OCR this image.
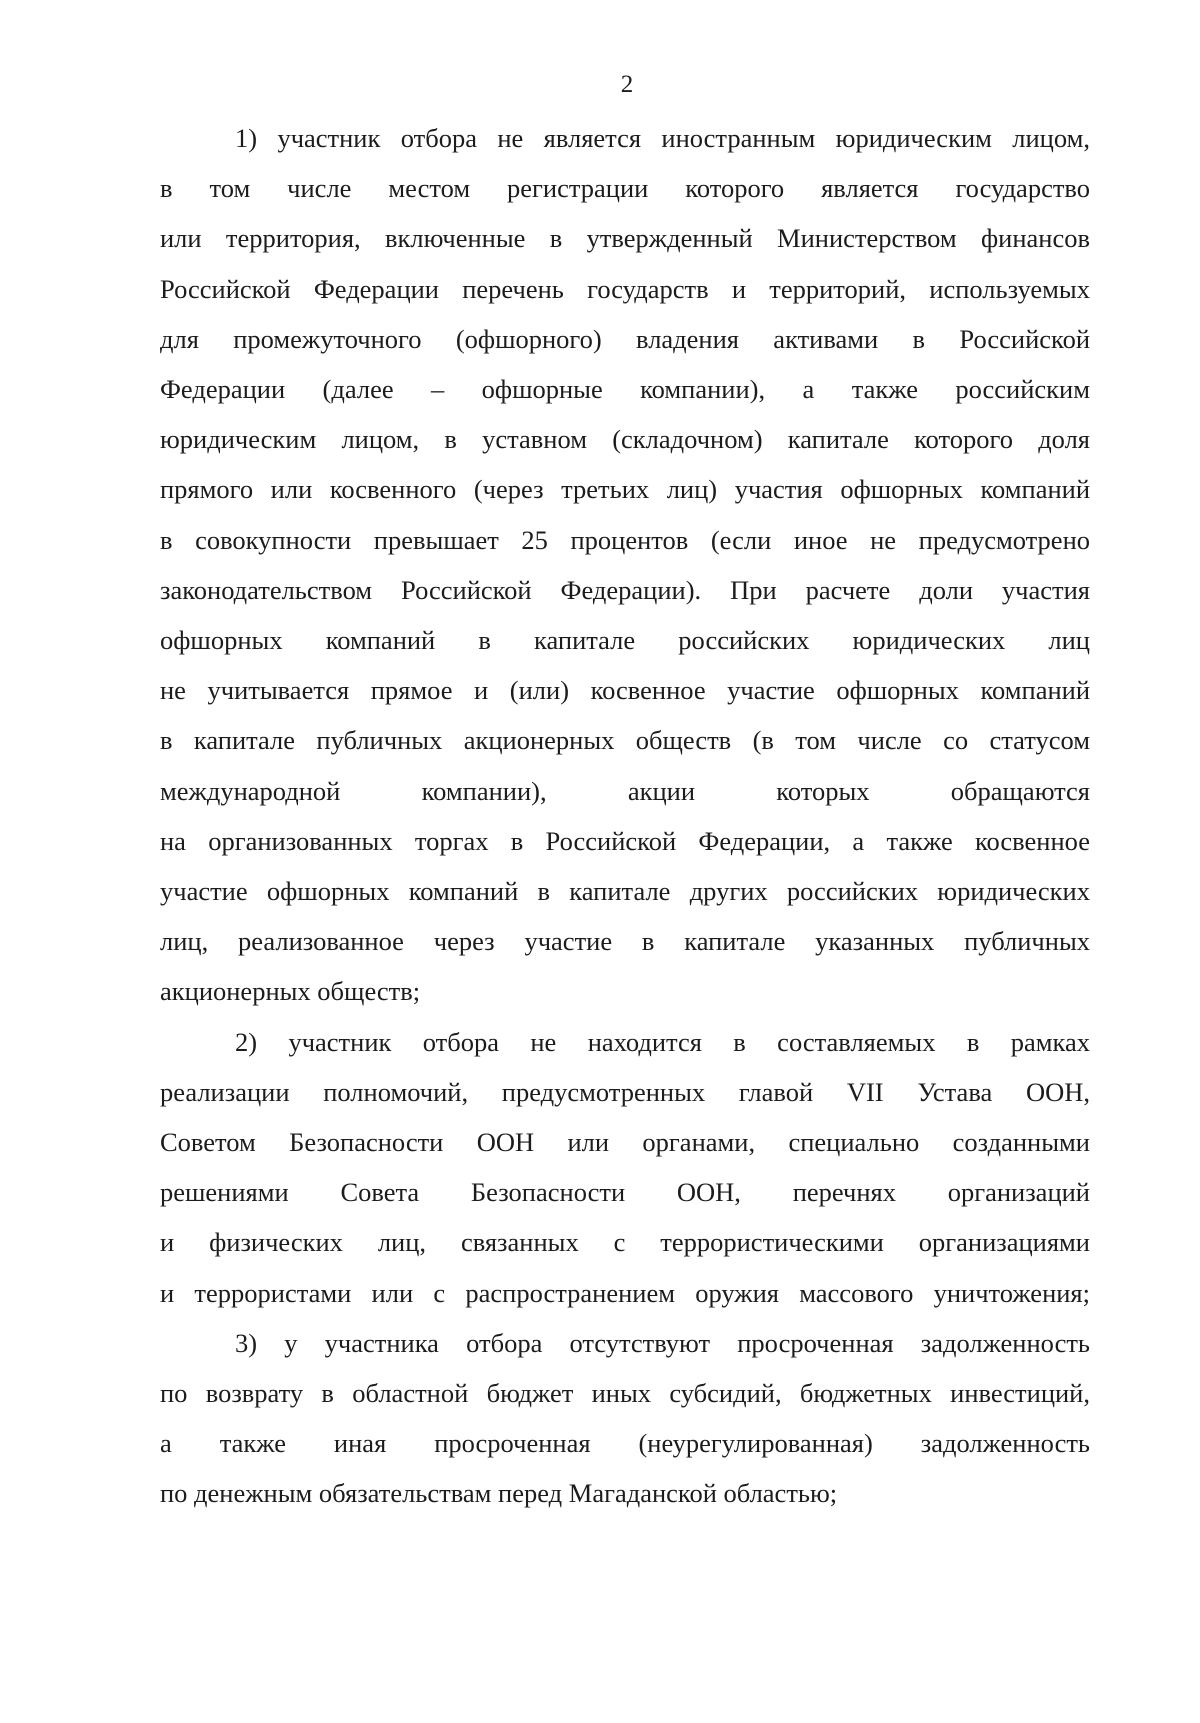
2
1) участник отбора не является иностранным юридическим лицом,
в том числе местом регистрации которого является государство
или территория, включенные в утвержденный Министерством финансов
Российской Федерации перечень государств и территорий, используемых
для промежуточного (офшорного) владения активами в Российской
Федерации (далее – офшорные компании), а также российским
юридическим лицом, в уставном (складочном) капитале которого доля
прямого или косвенного (через третьих лиц) участия офшорных компаний
в совокупности превышает 25 процентов (если иное не предусмотрено
законодательством Российской Федерации). При расчете доли участия
офшорных компаний в капитале российских юридических лиц
не учитывается прямое и (или) косвенное участие офшорных компаний
в капитале публичных акционерных обществ (в том числе со статусом
международной компании), акции которых обращаются
на организованных торгах в Российской Федерации, а также косвенное
участие офшорных компаний в капитале других российских юридических
лиц, реализованное через участие в капитале указанных публичных
акционерных обществ;
2) участник отбора не находится в составляемых в рамках
реализации полномочий, предусмотренных главой VII Устава ООН,
Советом Безопасности ООН или органами, специально созданными
решениями Совета Безопасности ООН, перечнях организаций
и физических лиц, связанных с террористическими организациями
и террористами или с распространением оружия массового уничтожения;
3) у участника отбора отсутствуют просроченная задолженность
по возврату в областной бюджет иных субсидий, бюджетных инвестиций,
а также иная просроченная (неурегулированная) задолженность
по денежным обязательствам перед Магаданской областью;
